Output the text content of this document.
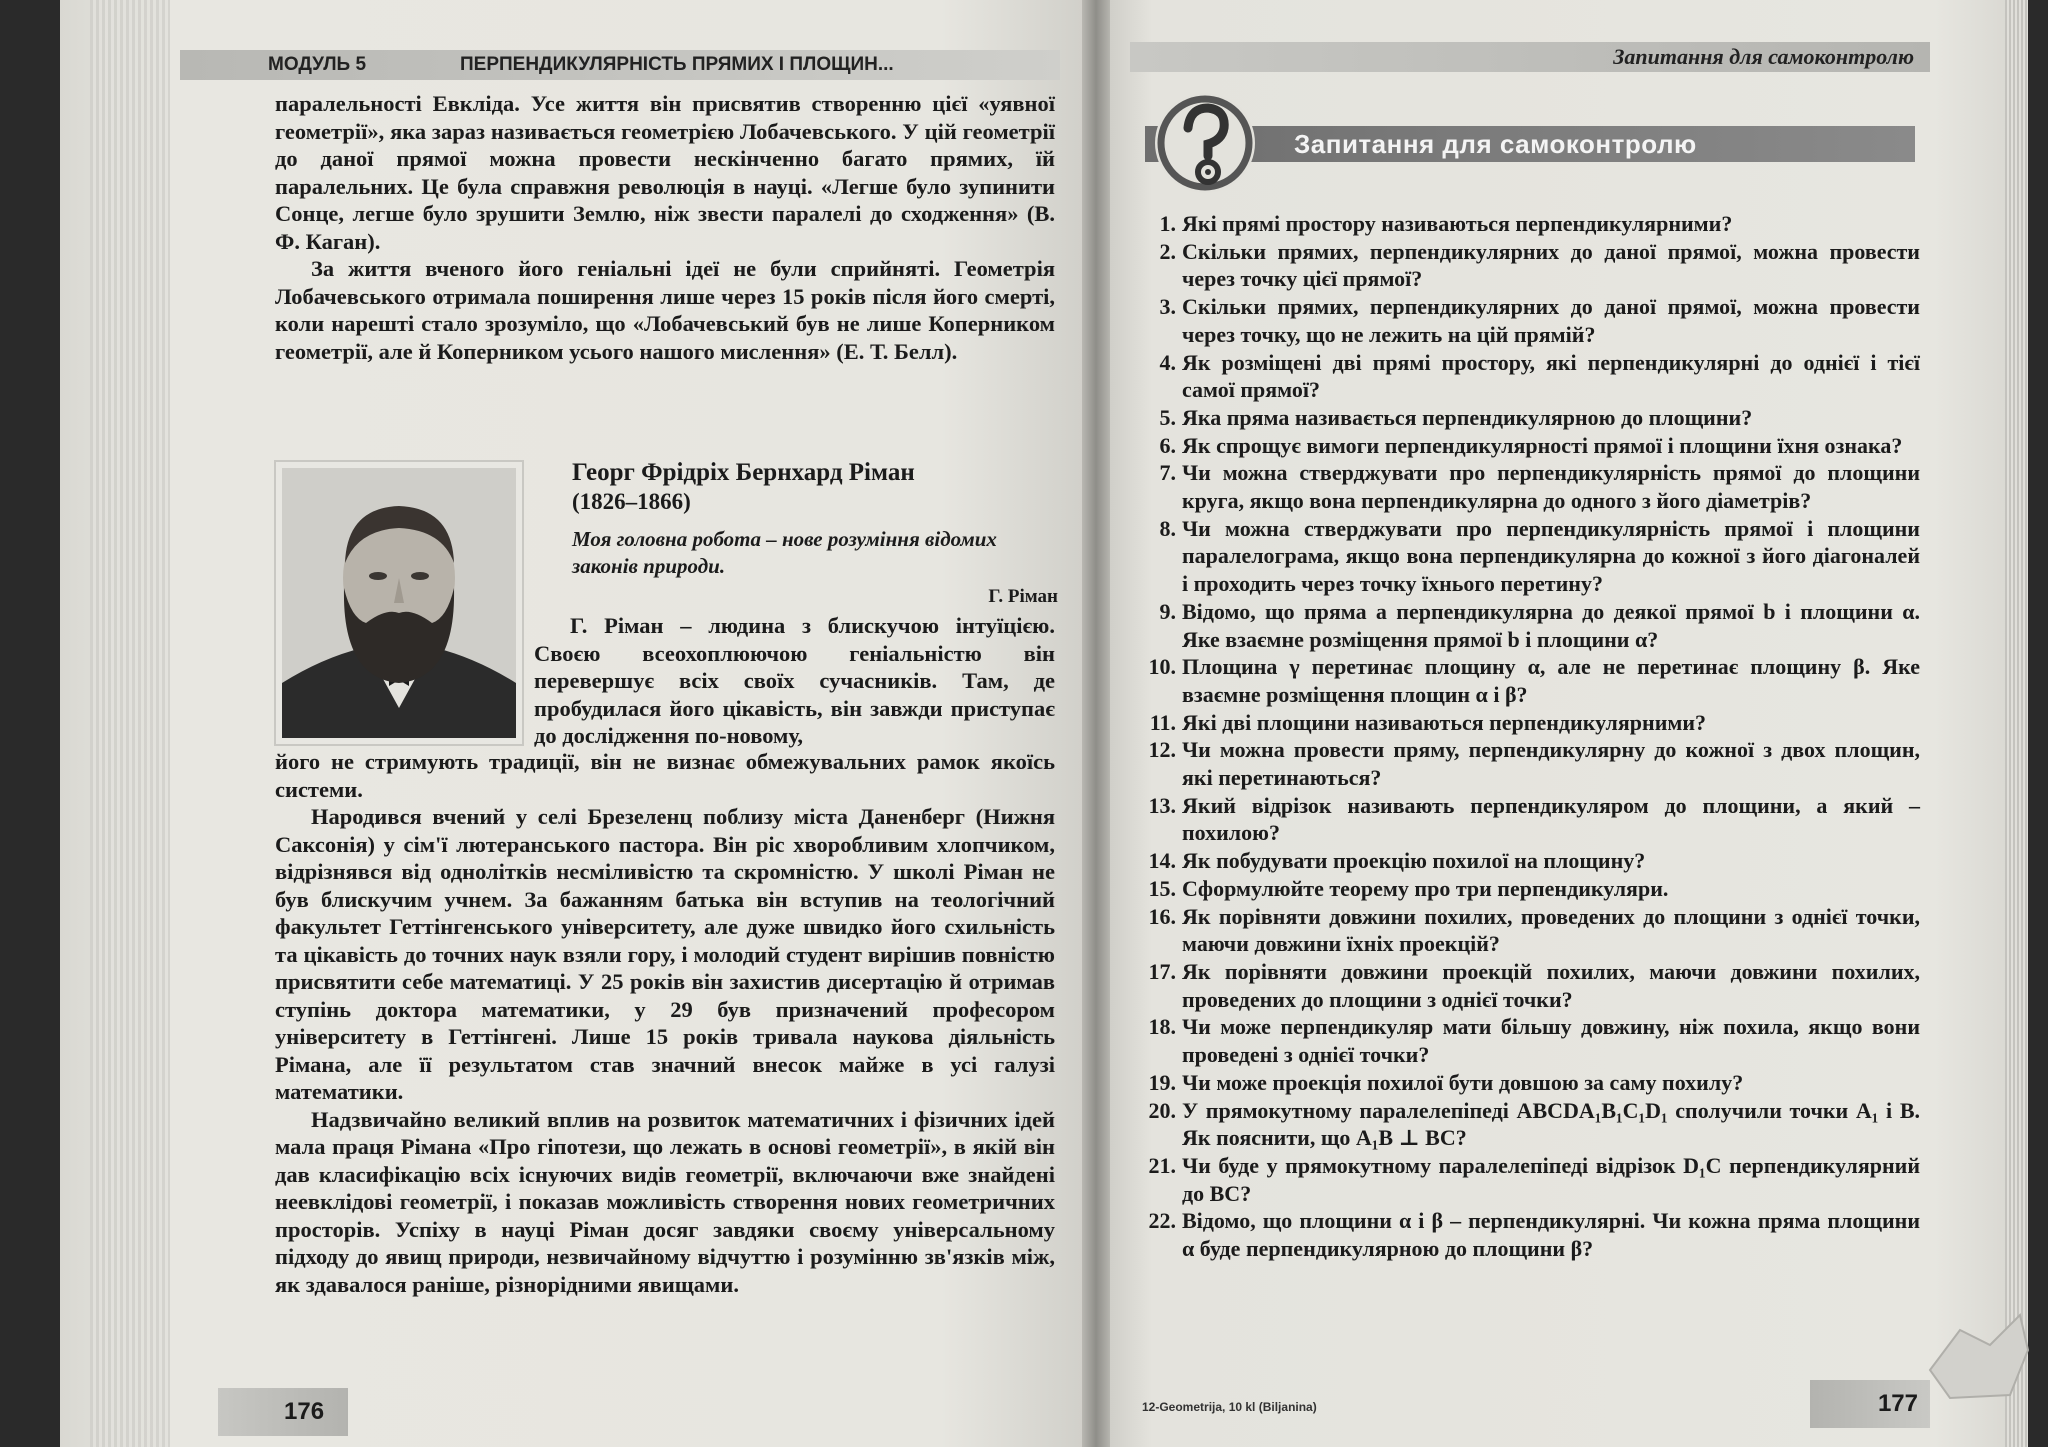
МОДУЛЬ 5	ПЕРПЕНДИКУЛЯРНІСТЬ ПРЯМИХ І ПЛОЩИН...

паралельності Евкліда. Усе життя він присвятив створенню цієї «уявної геометрії», яка зараз називається геометрією Лобачевського. У цій геометрії до даної прямої можна провести нескінченно багато прямих, їй паралельних. Це була справжня революція в науці. «Легше було зупинити Сонце, легше було зрушити Землю, ніж звести паралелі до сходження» (В. Ф. Каган).

За життя вченого його геніальні ідеї не були сприйняті. Геометрія Лобачевського отримала поширення лише через 15 років після його смерті, коли нарешті стало зрозуміло, що «Лобачевський був не лише Коперником геометрії, але й Коперником усього нашого мислення» (Е. Т. Белл).

Георг Фрідріх Бернхард Ріман
(1826–1866)
Моя головна робота – нове розуміння відомих законів природи.
Г. Ріман
Г. Ріман – людина з блискучою інтуїцією. Своєю всеохоплюючою геніальністю він перевершує всіх своїх сучасників. Там, де пробудилася його цікавість, він завжди приступає до дослідження по-новому,

його не стримують традиції, він не визнає обмежувальних рамок якоїсь системи.

Народився вчений у селі Брезеленц поблизу міста Даненберг (Нижня Саксонія) у сім'ї лютеранського пастора. Він ріс хворобливим хлопчиком, відрізнявся від однолітків несміливістю та скромністю. У школі Ріман не був блискучим учнем. За бажанням батька він вступив на теологічний факультет Геттінгенського університету, але дуже швидко його схильність та цікавість до точних наук взяли гору, і молодий студент вирішив повністю присвятити себе математиці. У 25 років він захистив дисертацію й отримав ступінь доктора математики, у 29 був призначений професором університету в Геттінгені. Лише 15 років тривала наукова діяльність Рімана, але її результатом став значний внесок майже в усі галузі математики.

Надзвичайно великий вплив на розвиток математичних і фізичних ідей мала праця Рімана «Про гіпотези, що лежать в основі геометрії», в якій він дав класифікацію всіх існуючих видів геометрії, включаючи вже знайдені неевклідові геометрії, і показав можливість створення нових геометричних просторів. Успіху в науці Ріман досяг завдяки своєму універсальному підходу до явищ природи, незвичайному відчуттю і розумінню зв'язків між, як здавалося раніше, різнорідними явищами.

176
Запитання для самоконтролю
Запитання для самоконтролю
1. Які прямі простору називаються перпендикулярними?
2. Скільки прямих, перпендикулярних до даної прямої, можна провести через точку цієї прямої?
3. Скільки прямих, перпендикулярних до даної прямої, можна провести через точку, що не лежить на цій прямій?
4. Як розміщені дві прямі простору, які перпендикулярні до однієї і тієї самої прямої?
5. Яка пряма називається перпендикулярною до площини?
6. Як спрощує вимоги перпендикулярності прямої і площини їхня ознака?
7. Чи можна стверджувати про перпендикулярність прямої до площини круга, якщо вона перпендикулярна до одного з його діаметрів?
8. Чи можна стверджувати про перпендикулярність прямої і площини паралелограма, якщо вона перпендикулярна до кожної з його діагоналей і проходить через точку їхнього перетину?
9. Відомо, що пряма a перпендикулярна до деякої прямої b і площини α. Яке взаємне розміщення прямої b і площини α?
10. Площина γ перетинає площину α, але не перетинає площину β. Яке взаємне розміщення площин α і β?
11. Які дві площини називаються перпендикулярними?
12. Чи можна провести пряму, перпендикулярну до кожної з двох площин, які перетинаються?
13. Який відрізок називають перпендикуляром до площини, а який – похилою?
14. Як побудувати проекцію похилої на площину?
15. Сформулюйте теорему про три перпендикуляри.
16. Як порівняти довжини похилих, проведених до площини з однієї точки, маючи довжини їхніх проекцій?
17. Як порівняти довжини проекцій похилих, маючи довжини похилих, проведених до площини з однієї точки?
18. Чи може перпендикуляр мати більшу довжину, ніж похила, якщо вони проведені з однієї точки?
19. Чи може проекція похилої бути довшою за саму похилу?
20. У прямокутному паралелепіпеді ABCDA₁B₁C₁D₁ сполучили точки A₁ і B. Як пояснити, що A₁B ⊥ BC?
21. Чи буде у прямокутному паралелепіпеді відрізок D₁C перпендикулярний до BC?
22. Відомо, що площини α і β – перпендикулярні. Чи кожна пряма площини α буде перпендикулярною до площини β?
12-Geometrija, 10 kl (Biljanina)	177
